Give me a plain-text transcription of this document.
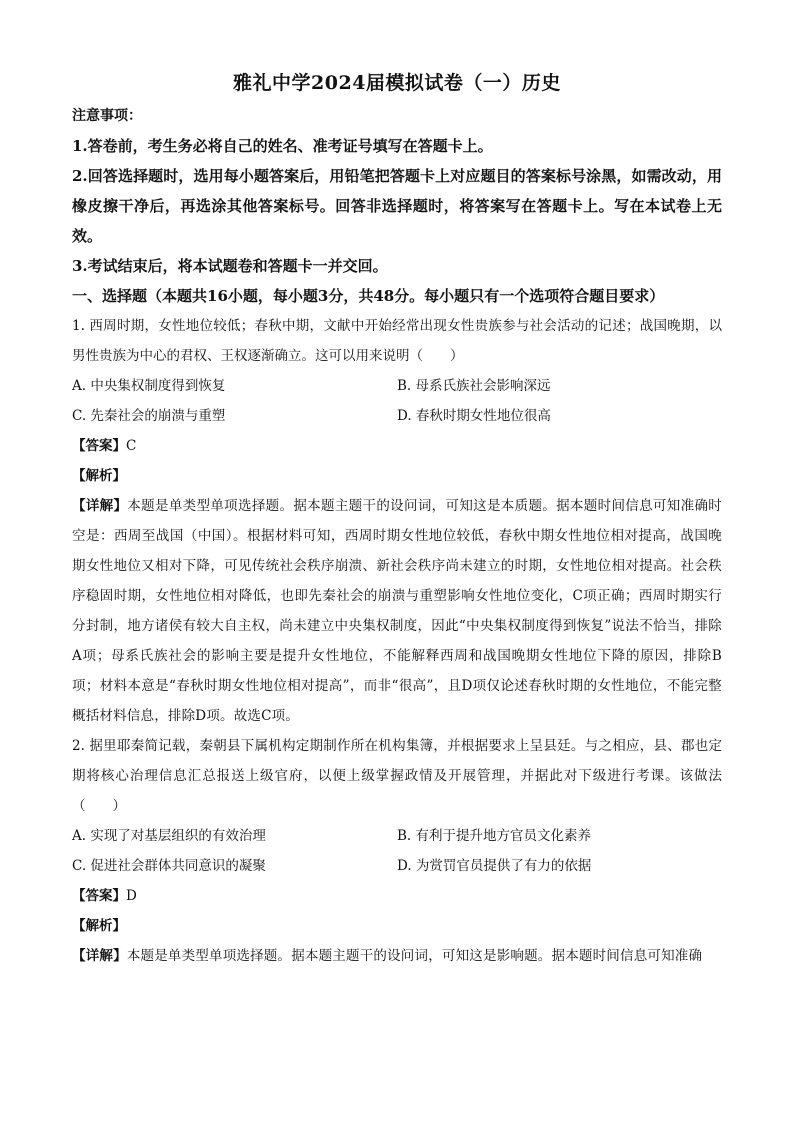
雅礼中学2024届模拟试卷（一）历史
注意事项：
1.答卷前，考生务必将自己的姓名、准考证号填写在答题卡上。
2.回答选择题时，选用每小题答案后，用铅笔把答题卡上对应题目的答案标号涂黑，如需改动，用橡皮擦干净后，再选涂其他答案标号。回答非选择题时，将答案写在答题卡上。写在本试卷上无效。
3.考试结束后，将本试题卷和答题卡一并交回。
一、选择题（本题共16小题，每小题3分，共48分。每小题只有一个选项符合题目要求）
1. 西周时期，女性地位较低；春秋中期，文献中开始经常出现女性贵族参与社会活动的记述；战国晚期，以男性贵族为中心的君权、王权逐渐确立。这可以用来说明（　　）
A. 中央集权制度得到恢复	B. 母系氏族社会影响深远
C. 先秦社会的崩溃与重塑	D. 春秋时期女性地位很高
【答案】C
【解析】
【详解】本题是单类型单项选择题。据本题主题干的设问词，可知这是本质题。据本题时间信息可知准确时空是：西周至战国（中国）。根据材料可知，西周时期女性地位较低，春秋中期女性地位相对提高，战国晚期女性地位又相对下降，可见传统社会秩序崩溃、新社会秩序尚未建立的时期，女性地位相对提高。社会秩序稳固时期，女性地位相对降低，也即先秦社会的崩溃与重塑影响女性地位变化，C项正确；西周时期实行分封制，地方诸侯有较大自主权，尚未建立中央集权制度，因此“中央集权制度得到恢复”说法不恰当，排除A项；母系氏族社会的影响主要是提升女性地位，不能解释西周和战国晚期女性地位下降的原因，排除B项；材料本意是“春秋时期女性地位相对提高”，而非“很高”，且D项仅论述春秋时期的女性地位，不能完整概括材料信息，排除D项。故选C项。
2. 据里耶秦简记载，秦朝县下属机构定期制作所在机构集簿，并根据要求上呈县廷。与之相应，县、郡也定期将核心治理信息汇总报送上级官府，以便上级掌握政情及开展管理，并据此对下级进行考课。该做法（　　）
A. 实现了对基层组织的有效治理	B. 有利于提升地方官员文化素养
C. 促进社会群体共同意识的凝聚	D. 为赏罚官员提供了有力的依据
【答案】D
【解析】
【详解】本题是单类型单项选择题。据本题主题干的设问词，可知这是影响题。据本题时间信息可知准确
